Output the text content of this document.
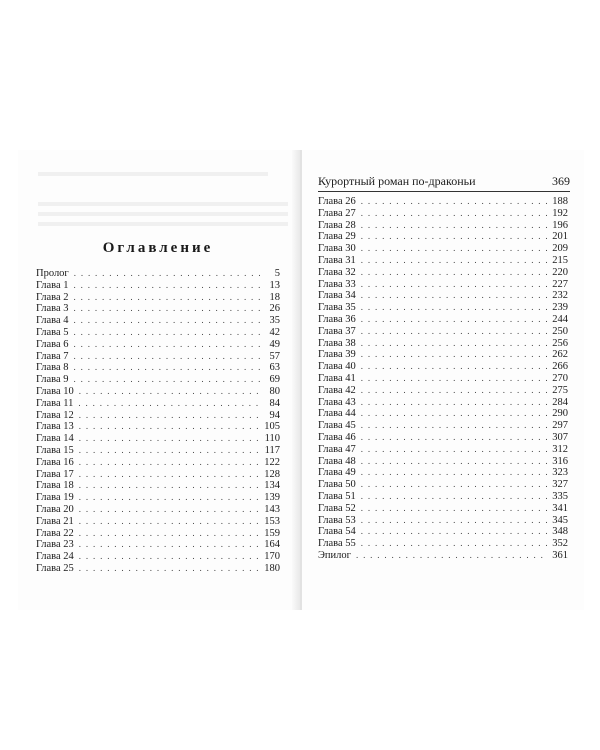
Оглавление
Пролог . . .	5
Глава 1 . . .	13
Глава 2 . . .	18
Глава 3 . . .	26
Глава 4 . . .	35
Глава 5 . . .	42
Глава 6 . . .	49
Глава 7 . . .	57
Глава 8 . . .	63
Глава 9 . . .	69
Глава 10 . . .	80
Глава 11 . . .	84
Глава 12 . . .	94
Глава 13 . . .	105
Глава 14 . . .	110
Глава 15 . . .	117
Глава 16 . . .	122
Глава 17 . . .	128
Глава 18 . . .	134
Глава 19 . . .	139
Глава 20 . . .	143
Глава 21 . . .	153
Глава 22 . . .	159
Глава 23 . . .	164
Глава 24 . . .	170
Глава 25 . . .	180
Курортный роман по-драконьи	369
Глава 26 . . .	188
Глава 27 . . .	192
Глава 28 . . .	196
Глава 29 . . .	201
Глава 30 . . .	209
Глава 31 . . .	215
Глава 32 . . .	220
Глава 33 . . .	227
Глава 34 . . .	232
Глава 35 . . .	239
Глава 36 . . .	244
Глава 37 . . .	250
Глава 38 . . .	256
Глава 39 . . .	262
Глава 40 . . .	266
Глава 41 . . .	270
Глава 42 . . .	275
Глава 43 . . .	284
Глава 44 . . .	290
Глава 45 . . .	297
Глава 46 . . .	307
Глава 47 . . .	312
Глава 48 . . .	316
Глава 49 . . .	323
Глава 50 . . .	327
Глава 51 . . .	335
Глава 52 . . .	341
Глава 53 . . .	345
Глава 54 . . .	348
Глава 55 . . .	352
Эпилог . . .	361
